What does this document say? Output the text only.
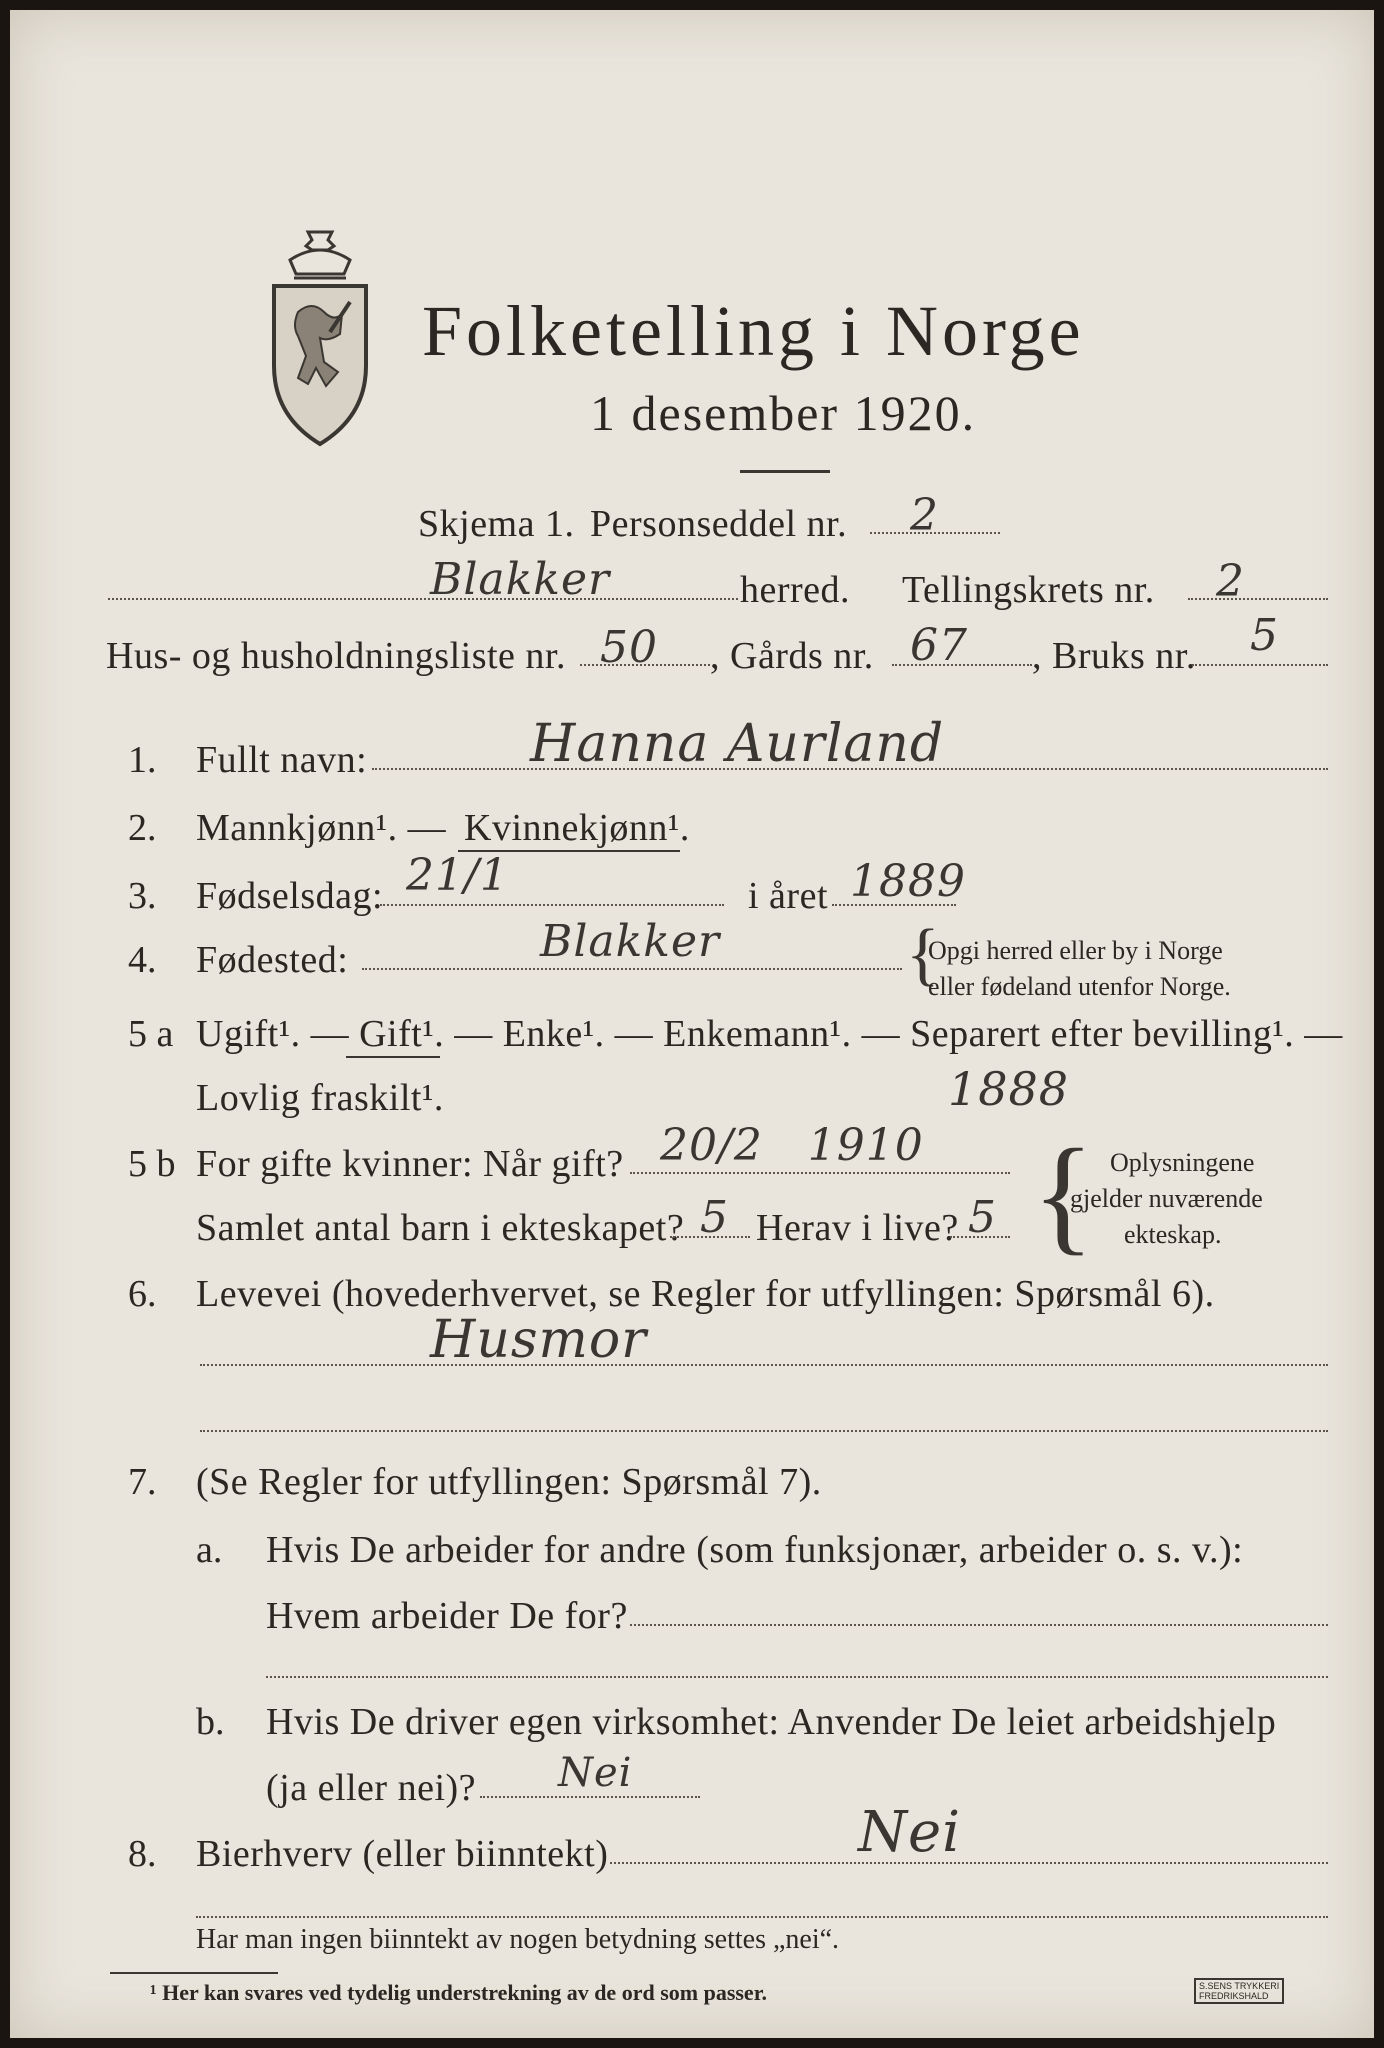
Folketelling i Norge
1 desember 1920.
Skjema 1. Personseddel nr. 2
Blakker	herred. Tellingskrets nr. 2
Hus- og husholdningsliste nr. 50 , Gårds nr. 67 , Bruks nr. 5
1. Fullt navn:	Hanna Aurland
2. Mannkjønn¹. — Kvinnekjønn¹.
3. Fødselsdag: 21/1	i året 1889
4. Fødested:	Blakker	{
Opgi herred eller by i Norge
eller fødeland utenfor Norge.
5 a Ugift¹. — Gift¹. — Enke¹. — Enkemann¹. — Separert efter bevilling¹. —
Lovlig fraskilt¹.	1888
5 b For gifte kvinner: Når gift? 20/2   1910
Samlet antal barn i ekteskapet? 5 Herav i live? 5 { Oplysningene
gjelder nuværende
ekteskap.
6. Levevei (hovederhvervet, se Regler for utfyllingen: Spørsmål 6).
Husmor
7. (Se Regler for utfyllingen: Spørsmål 7).
a. Hvis De arbeider for andre (som funksjonær, arbeider o. s. v.):
Hvem arbeider De for?
b. Hvis De driver egen virksomhet: Anvender De leiet arbeidshjelp
(ja eller nei)? Nei
8. Bierhverv (eller biinntekt)	Nei
Har man ingen biinntekt av nogen betydning settes „nei“.
¹ Her kan svares ved tydelig understrekning av de ord som passer.	S.SENS TRYKKERI
FREDRIKSHALD
